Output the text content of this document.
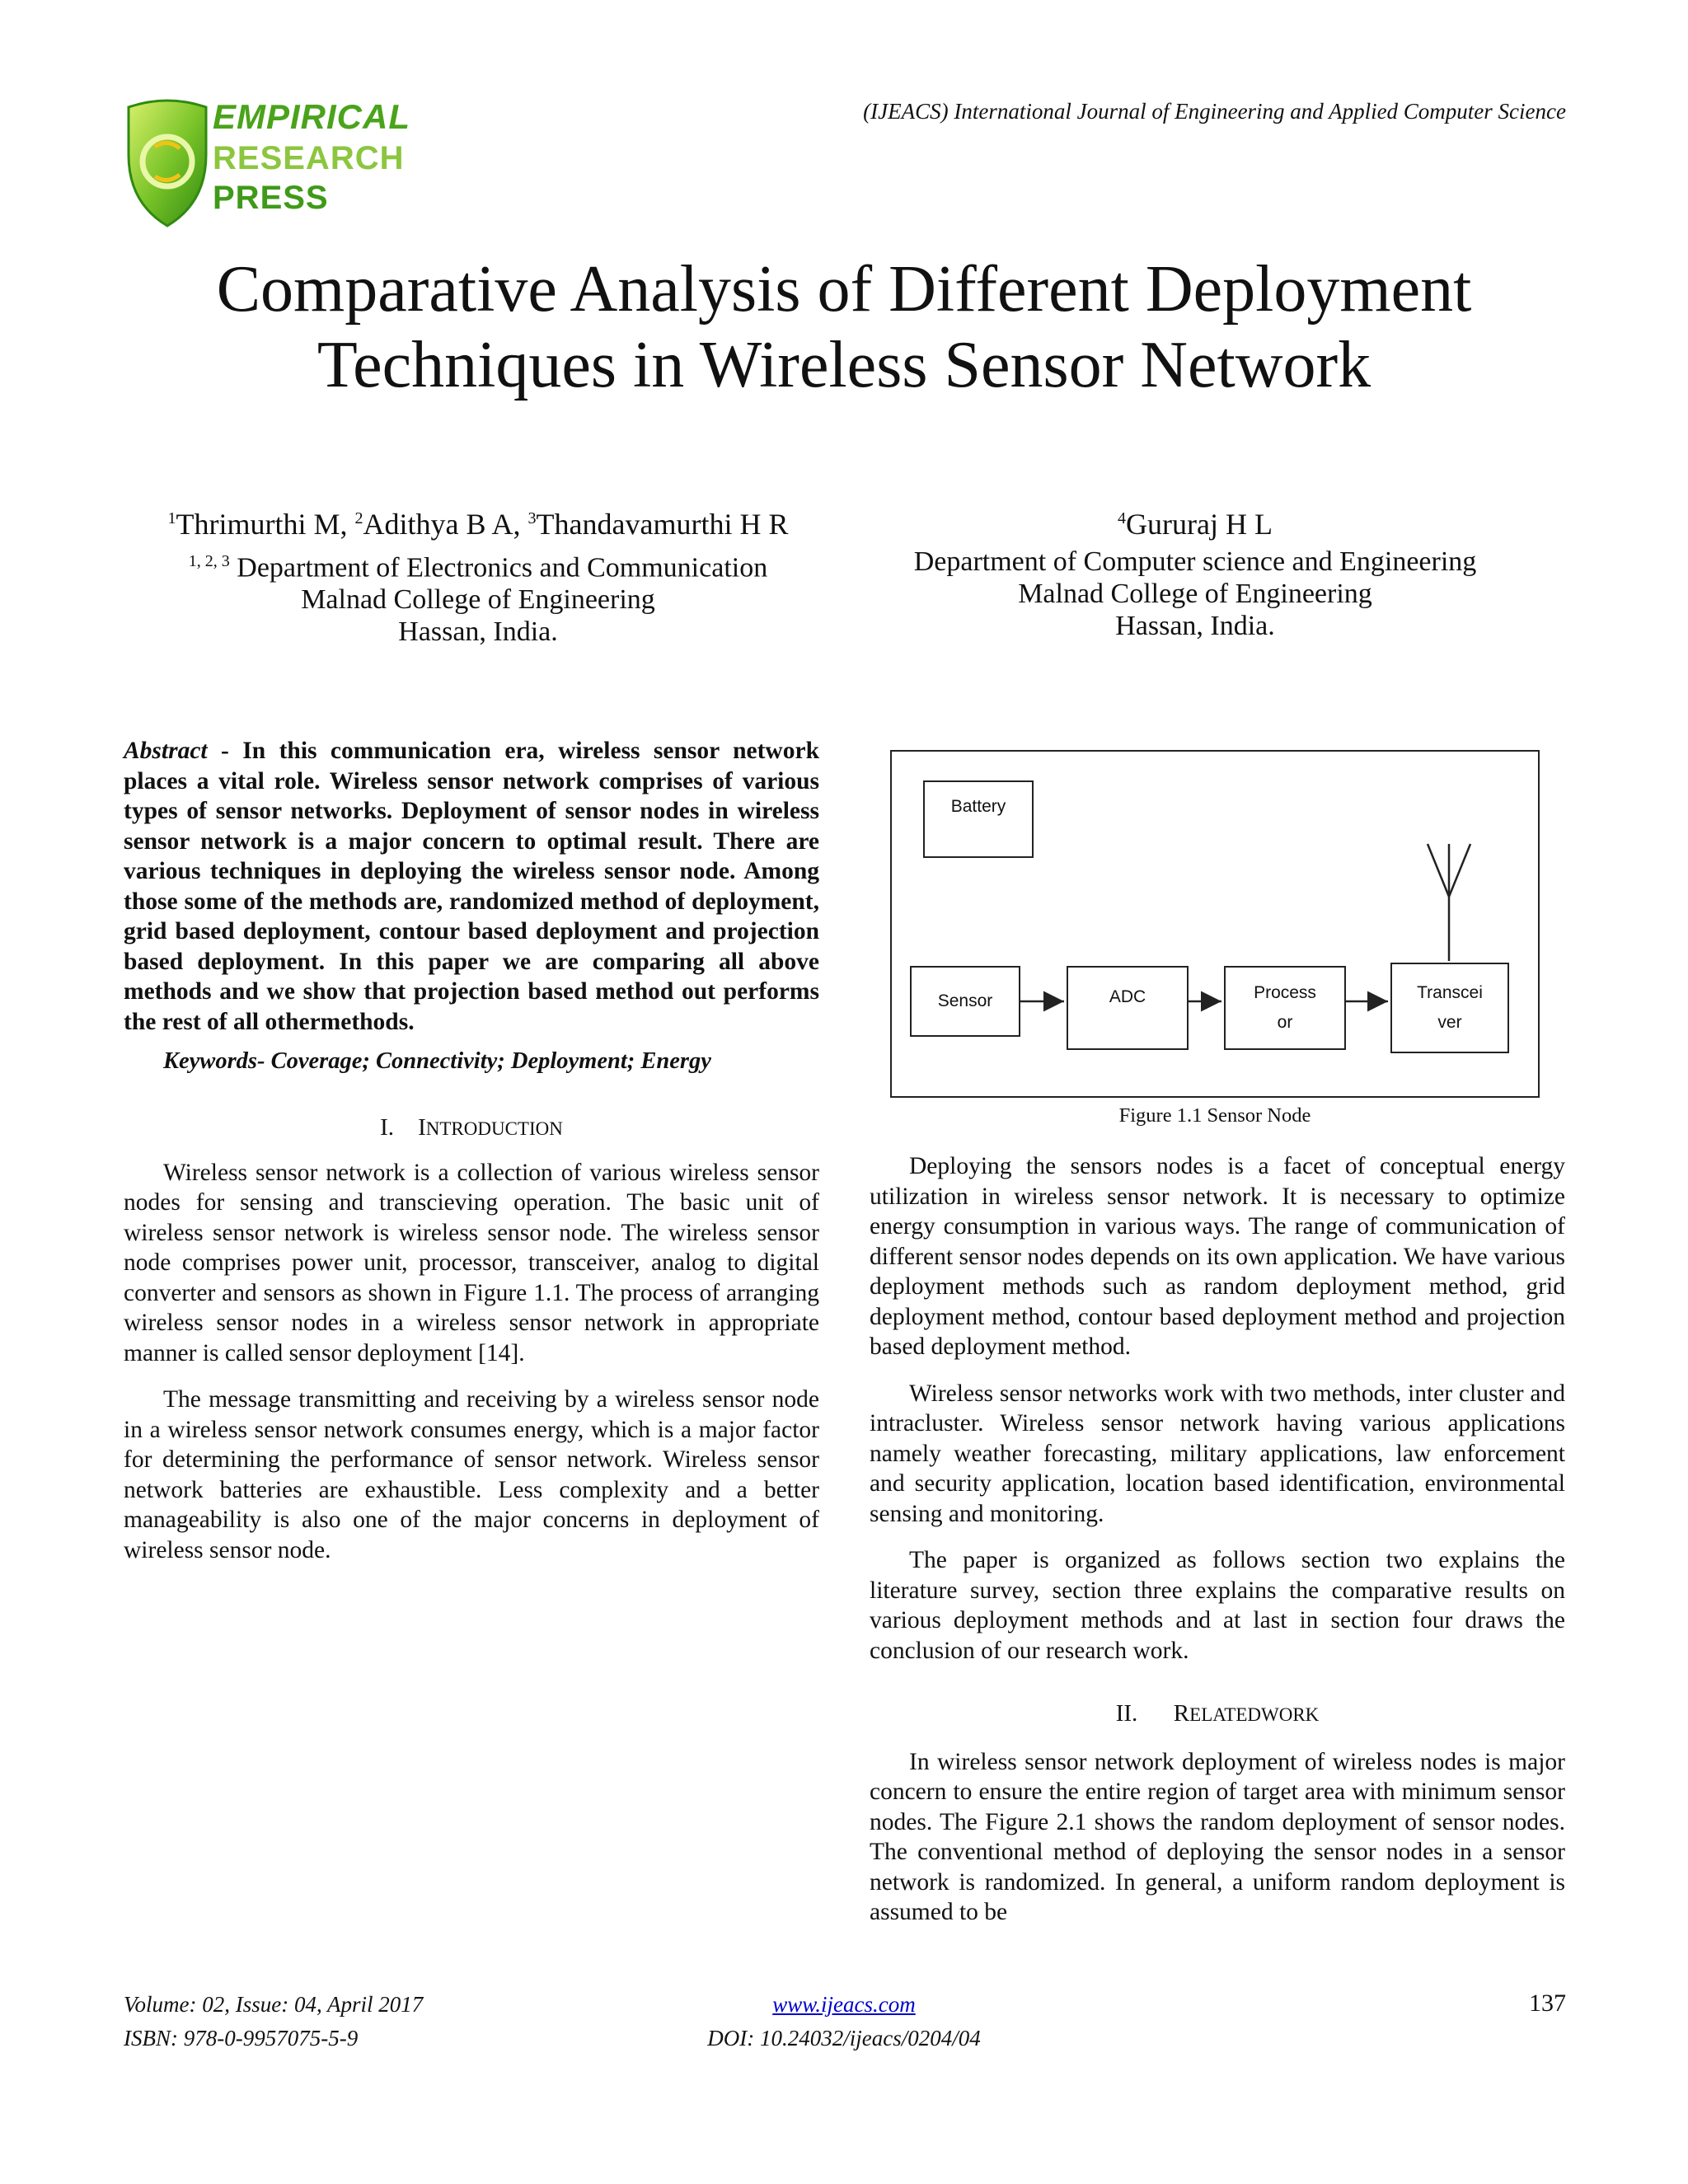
(IJEACS) International Journal of Engineering and Applied Computer Science
EMPIRICAL
RESEARCH
PRESS
Comparative Analysis of Different Deployment
Techniques in Wireless Sensor Network
$^1$Thrimurthi M, $^2$Adithya B A, $^3$Thandavamurthi H R
$^{1, 2, 3}$ Department of Electronics and Communication
Malnad College of Engineering
Hassan, India.
$^4$Gururaj H L
Department of Computer science and Engineering
Malnad College of Engineering
Hassan, India.
Abstract - In this communication era, wireless sensor network places a vital role. Wireless sensor network comprises of various types of sensor networks. Deployment of sensor nodes in wireless sensor network is a major concern to optimal result. There are various techniques in deploying the wireless sensor node. Among those some of the methods are, randomized method of deployment, grid based deployment, contour based deployment and projection based deployment. In this paper we are comparing all above methods and we show that projection based method out performs the rest of all othermethods.
Keywords- Coverage; Connectivity; Deployment; Energy
I. INTRODUCTION

Wireless sensor network is a collection of various wireless sensor nodes for sensing and transcieving operation. The basic unit of wireless sensor network is wireless sensor node. The wireless sensor node comprises power unit, processor, transceiver, analog to digital converter and sensors as shown in Figure 1.1. The process of arranging wireless sensor nodes in a wireless sensor network in appropriate manner is called sensor deployment [14].

The message transmitting and receiving by a wireless sensor node in a wireless sensor network consumes energy, which is a major factor for determining the performance of sensor network. Wireless sensor network batteries are exhaustible. Less complexity and a better manageability is also one of the major concerns in deployment of wireless sensor node.

Battery
Sensor	ADC	Process
or
Transcei
ver
Figure 1.1 Sensor Node

Deploying the sensors nodes is a facet of conceptual energy utilization in wireless sensor network. It is necessary to optimize energy consumption in various ways. The range of communication of different sensor nodes depends on its own application. We have various deployment methods such as random deployment method, grid deployment method, contour based deployment method and projection based deployment method.

Wireless sensor networks work with two methods, inter cluster and intracluster. Wireless sensor network having various applications namely weather forecasting, military applications, law enforcement and security application, location based identification, environmental sensing and monitoring.

The paper is organized as follows section two explains the literature survey, section three explains the comparative results on various deployment methods and at last in section four draws the conclusion of our research work.

II. RELATEDWORK

In wireless sensor network deployment of wireless nodes is major concern to ensure the entire region of target area with minimum sensor nodes. The Figure 2.1 shows the random deployment of sensor nodes. The conventional method of deploying the sensor nodes in a sensor network is randomized. In general, a uniform random deployment is assumed to be

Volume: 02, Issue: 04, April 2017
ISBN: 978-0-9957075-5-9
www.ijeacs.com
DOI: 10.24032/ijeacs/0204/04
137
